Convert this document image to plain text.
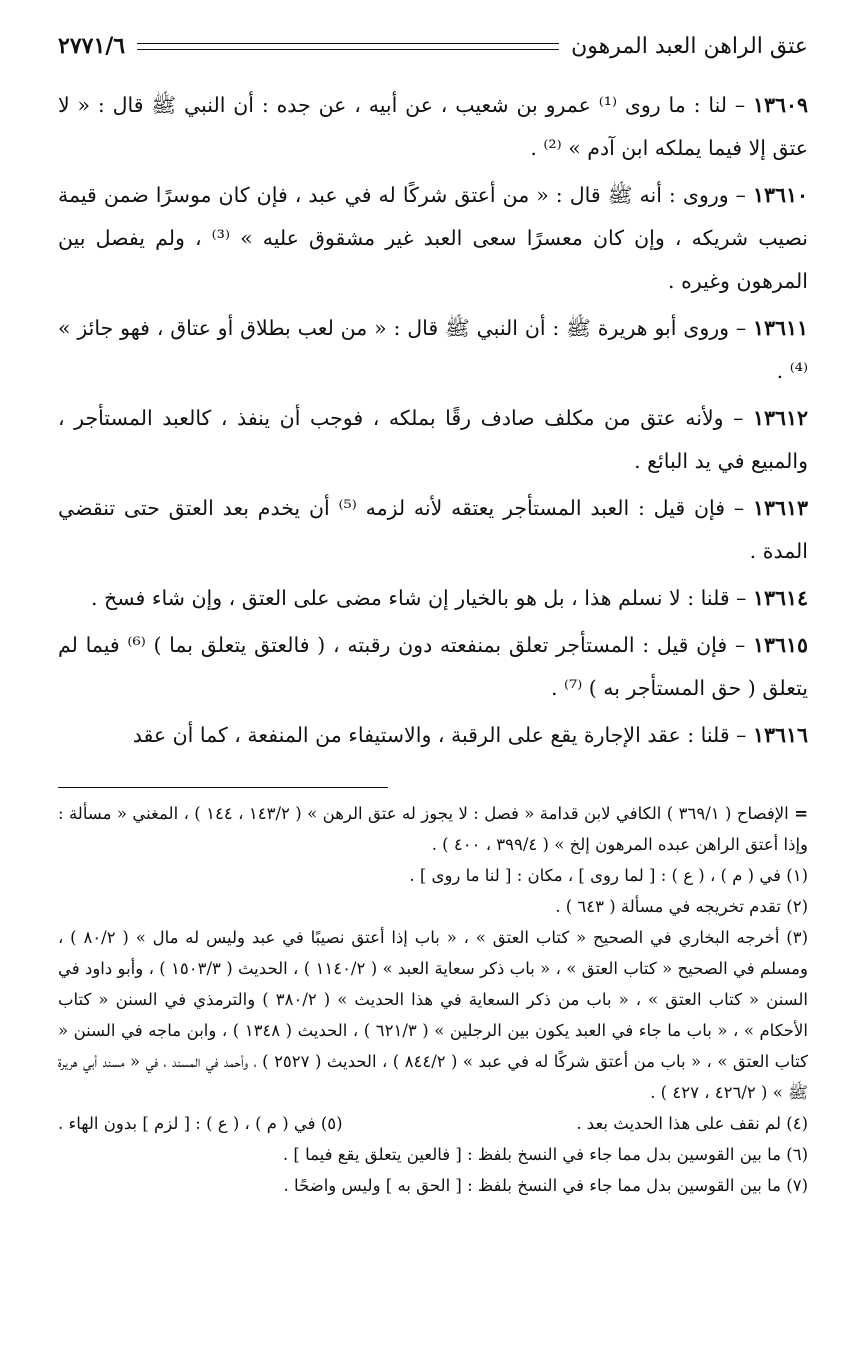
عتق الراهن العبد المرهون
٢٧٧١/٦

١٣٦٠٩ – لنا : ما روى ⁽¹⁾ عمرو بن شعيب ، عن أبيه ، عن جده : أن النبي ﷺ قال : « لا عتق إلا فيما يملكه ابن آدم » ⁽²⁾ .

١٣٦١٠ – وروى : أنه ﷺ قال : « من أعتق شركًا له في عبد ، فإن كان موسرًا ضمن قيمة نصيب شريكه ، وإن كان معسرًا سعى العبد غير مشقوق عليه » ⁽³⁾ ، ولم يفصل بين المرهون وغيره .

١٣٦١١ – وروى أبو هريرة ﷺ : أن النبي ﷺ قال : « من لعب بطلاق أو عتاق ، فهو جائز » ⁽⁴⁾ .

١٣٦١٢ – ولأنه عتق من مكلف صادف رقًا بملكه ، فوجب أن ينفذ ، كالعبد المستأجر ، والمبيع في يد البائع .

١٣٦١٣ – فإن قيل : العبد المستأجر يعتقه لأنه لزمه ⁽⁵⁾ أن يخدم بعد العتق حتى تنقضي المدة .

١٣٦١٤ – قلنا : لا نسلم هذا ، بل هو بالخيار إن شاء مضى على العتق ، وإن شاء فسخ .

١٣٦١٥ – فإن قيل : المستأجر تعلق بمنفعته دون رقبته ، ( فالعتق يتعلق بما ) ⁽⁶⁾ فيما لم يتعلق ( حق المستأجر به ) ⁽⁷⁾ .

١٣٦١٦ – قلنا : عقد الإجارة يقع على الرقبة ، والاستيفاء من المنفعة ، كما أن عقد

= الإفصاح ( ٣٦٩/١ ) الكافي لابن قدامة « فصل : لا يجوز له عتق الرهن » ( ١٤٣/٢ ، ١٤٤ ) ، المغني « مسألة : وإذا أعتق الراهن عبده المرهون إلخ » ( ٣٩٩/٤ ، ٤٠٠ ) .

(١) في ( م ) ، ( ع ) : [ لما روى ] ، مكان : [ لنا ما روى ] .

(٢) تقدم تخريجه في مسألة ( ٦٤٣ ) .

(٣) أخرجه البخاري في الصحيح « كتاب العتق » ، « باب إذا أعتق نصيبًا في عبد وليس له مال » ( ٨٠/٢ ) ، ومسلم في الصحيح « كتاب العتق » ، « باب ذكر سعاية العبد » ( ١١٤٠/٢ ) ، الحديث ( ١٥٠٣/٣ ) ، وأبو داود في السنن « كتاب العتق » ، « باب من ذكر السعاية في هذا الحديث » ( ٣٨٠/٢ ) والترمذي في السنن « كتاب الأحكام » ، « باب ما جاء في العبد يكون بين الرجلين » ( ٦٢١/٣ ) ، الحديث ( ١٣٤٨ ) ، وابن ماجه في السنن « كتاب العتق » ، « باب من أعتق شركًا له في عبد » ( ٨٤٤/٢ ) ، الحديث ( ٢٥٢٧ ) ، وأحمد في المسند ، في « مسند أبي هريرة ﷺ » ( ٤٢٦/٢ ، ٤٢٧ ) .

(٤) لم نقف على هذا الحديث بعد .

(٥) في ( م ) ، ( ع ) : [ لزم ] بدون الهاء .

(٦) ما بين القوسين بدل مما جاء في النسخ بلفظ : [ فالعين يتعلق يقع فيما ] .

(٧) ما بين القوسين بدل مما جاء في النسخ بلفظ : [ الحق به ] وليس واضحًا .
